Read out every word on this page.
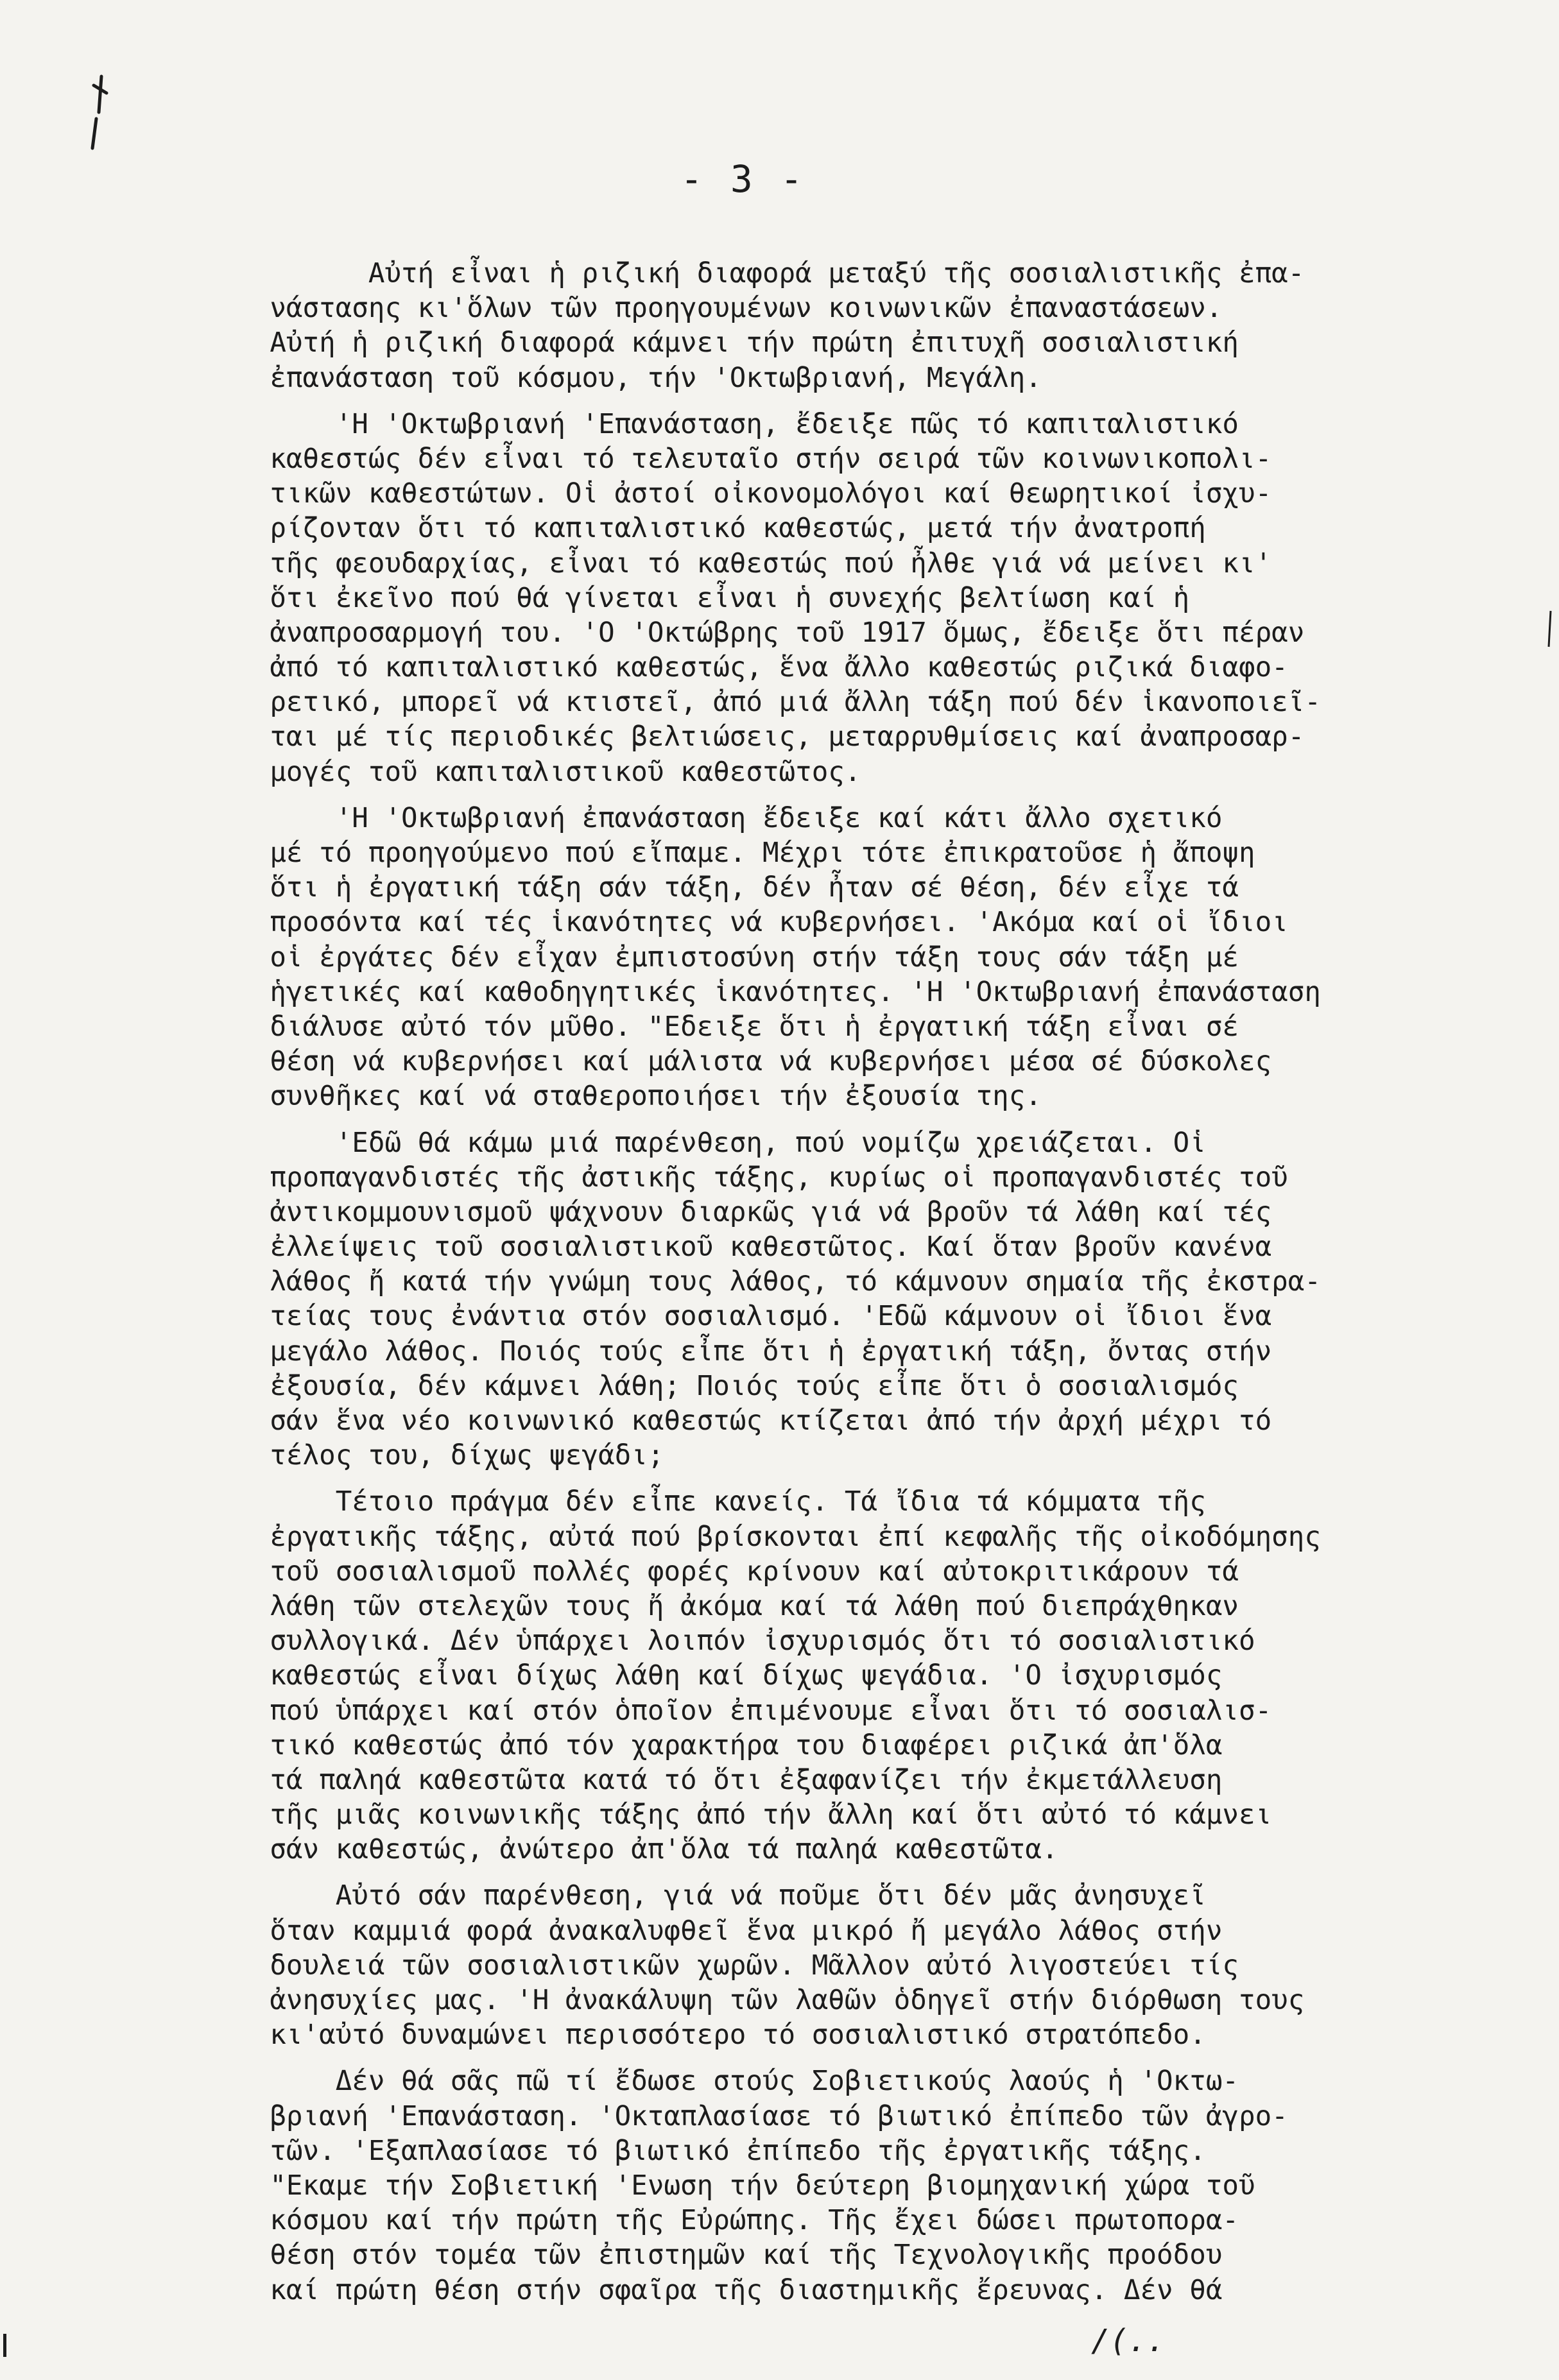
- 3 -
Αὐτή εἶναι ἡ ριζική διαφορά μεταξύ τῆς σοσιαλιστικῆς ἐπα-
νάστασης κι'ὅλων τῶν προηγουμένων κοινωνικῶν ἐπαναστάσεων.
Αὐτή ἡ ριζική διαφορά κάμνει τήν πρώτη ἐπιτυχῆ σοσιαλιστική
ἐπανάσταση τοῦ κόσμου, τήν 'Οκτωβριανή, Μεγάλη.
'Η 'Οκτωβριανή 'Επανάσταση, ἔδειξε πῶς τό καπιταλιστικό
καθεστώς δέν εἶναι τό τελευταῖο στήν σειρά τῶν κοινωνικοπολι-
τικῶν καθεστώτων. Οἱ ἀστοί οἰκονομολόγοι καί θεωρητικοί ἰσχυ-
ρίζονταν ὅτι τό καπιταλιστικό καθεστώς, μετά τήν ἀνατροπή
τῆς φεουδαρχίας, εἶναι τό καθεστώς πού ἦλθε γιά νά μείνει κι'
ὅτι ἐκεῖνο πού θά γίνεται εἶναι ἡ συνεχής βελτίωση καί ἡ
ἀναπροσαρμογή του. 'Ο 'Οκτώβρης τοῦ 1917 ὅμως, ἔδειξε ὅτι πέραν
ἀπό τό καπιταλιστικό καθεστώς, ἕνα ἄλλο καθεστώς ριζικά διαφο-
ρετικό, μπορεῖ νά κτιστεῖ, ἀπό μιά ἄλλη τάξη πού δέν ἱκανοποιεῖ-
ται μέ τίς περιοδικές βελτιώσεις, μεταρρυθμίσεις καί ἀναπροσαρ-
μογές τοῦ καπιταλιστικοῦ καθεστῶτος.
'Η 'Οκτωβριανή ἐπανάσταση ἔδειξε καί κάτι ἄλλο σχετικό
μέ τό προηγούμενο πού εἴπαμε. Μέχρι τότε ἐπικρατοῦσε ἡ ἄποψη
ὅτι ἡ ἐργατική τάξη σάν τάξη, δέν ἦταν σέ θέση, δέν εἶχε τά
προσόντα καί τές ἱκανότητες νά κυβερνήσει. 'Ακόμα καί οἱ ἴδιοι
οἱ ἐργάτες δέν εἶχαν ἐμπιστοσύνη στήν τάξη τους σάν τάξη μέ
ἡγετικές καί καθοδηγητικές ἱκανότητες. 'Η 'Οκτωβριανή ἐπανάσταση
διάλυσε αὐτό τόν μῦθο. "Εδειξε ὅτι ἡ ἐργατική τάξη εἶναι σέ
θέση νά κυβερνήσει καί μάλιστα νά κυβερνήσει μέσα σέ δύσκολες
συνθῆκες καί νά σταθεροποιήσει τήν ἐξουσία της.
'Εδῶ θά κάμω μιά παρένθεση, πού νομίζω χρειάζεται. Οἱ
προπαγανδιστές τῆς ἀστικῆς τάξης, κυρίως οἱ προπαγανδιστές τοῦ
ἀντικομμουνισμοῦ ψάχνουν διαρκῶς γιά νά βροῦν τά λάθη καί τές
ἐλλείψεις τοῦ σοσιαλιστικοῦ καθεστῶτος. Καί ὅταν βροῦν κανένα
λάθος ἤ κατά τήν γνώμη τους λάθος, τό κάμνουν σημαία τῆς ἐκστρα-
τείας τους ἐνάντια στόν σοσιαλισμό. 'Εδῶ κάμνουν οἱ ἴδιοι ἕνα
μεγάλο λάθος. Ποιός τούς εἶπε ὅτι ἡ ἐργατική τάξη, ὄντας στήν
ἐξουσία, δέν κάμνει λάθη; Ποιός τούς εἶπε ὅτι ὁ σοσιαλισμός
σάν ἕνα νέο κοινωνικό καθεστώς κτίζεται ἀπό τήν ἀρχή μέχρι τό
τέλος του, δίχως ψεγάδι;
Τέτοιο πράγμα δέν εἶπε κανείς. Τά ἴδια τά κόμματα τῆς
ἐργατικῆς τάξης, αὐτά πού βρίσκονται ἐπί κεφαλῆς τῆς οἰκοδόμησης
τοῦ σοσιαλισμοῦ πολλές φορές κρίνουν καί αὐτοκριτικάρουν τά
λάθη τῶν στελεχῶν τους ἤ ἀκόμα καί τά λάθη πού διεπράχθηκαν
συλλογικά. Δέν ὑπάρχει λοιπόν ἰσχυρισμός ὅτι τό σοσιαλιστικό
καθεστώς εἶναι δίχως λάθη καί δίχως ψεγάδια. 'Ο ἰσχυρισμός
πού ὑπάρχει καί στόν ὁποῖον ἐπιμένουμε εἶναι ὅτι τό σοσιαλισ-
τικό καθεστώς ἀπό τόν χαρακτήρα του διαφέρει ριζικά ἀπ'ὅλα
τά παληά καθεστῶτα κατά τό ὅτι ἐξαφανίζει τήν ἐκμετάλλευση
τῆς μιᾶς κοινωνικῆς τάξης ἀπό τήν ἄλλη καί ὅτι αὐτό τό κάμνει
σάν καθεστώς, ἀνώτερο ἀπ'ὅλα τά παληά καθεστῶτα.
Αὐτό σάν παρένθεση, γιά νά ποῦμε ὅτι δέν μᾶς ἀνησυχεῖ
ὅταν καμμιά φορά ἀνακαλυφθεῖ ἕνα μικρό ἤ μεγάλο λάθος στήν
δουλειά τῶν σοσιαλιστικῶν χωρῶν. Μᾶλλον αὐτό λιγοστεύει τίς
ἀνησυχίες μας. 'Η ἀνακάλυψη τῶν λαθῶν ὁδηγεῖ στήν διόρθωση τους
κι'αὐτό δυναμώνει περισσότερο τό σοσιαλιστικό στρατόπεδο.
Δέν θά σᾶς πῶ τί ἔδωσε στούς Σοβιετικούς λαούς ἡ 'Οκτω-
βριανή 'Επανάσταση. 'Οκταπλασίασε τό βιωτικό ἐπίπεδο τῶν ἀγρο-
τῶν. 'Εξαπλασίασε τό βιωτικό ἐπίπεδο τῆς ἐργατικῆς τάξης.
"Εκαμε τήν Σοβιετική 'Ενωση τήν δεύτερη βιομηχανική χώρα τοῦ
κόσμου καί τήν πρώτη τῆς Εὐρώπης. Τῆς ἔχει δώσει πρωτοπορα-
θέση στόν τομέα τῶν ἐπιστημῶν καί τῆς Τεχνολογικῆς προόδου
καί πρώτη θέση στήν σφαῖρα τῆς διαστημικῆς ἔρευνας. Δέν θά
/(..
